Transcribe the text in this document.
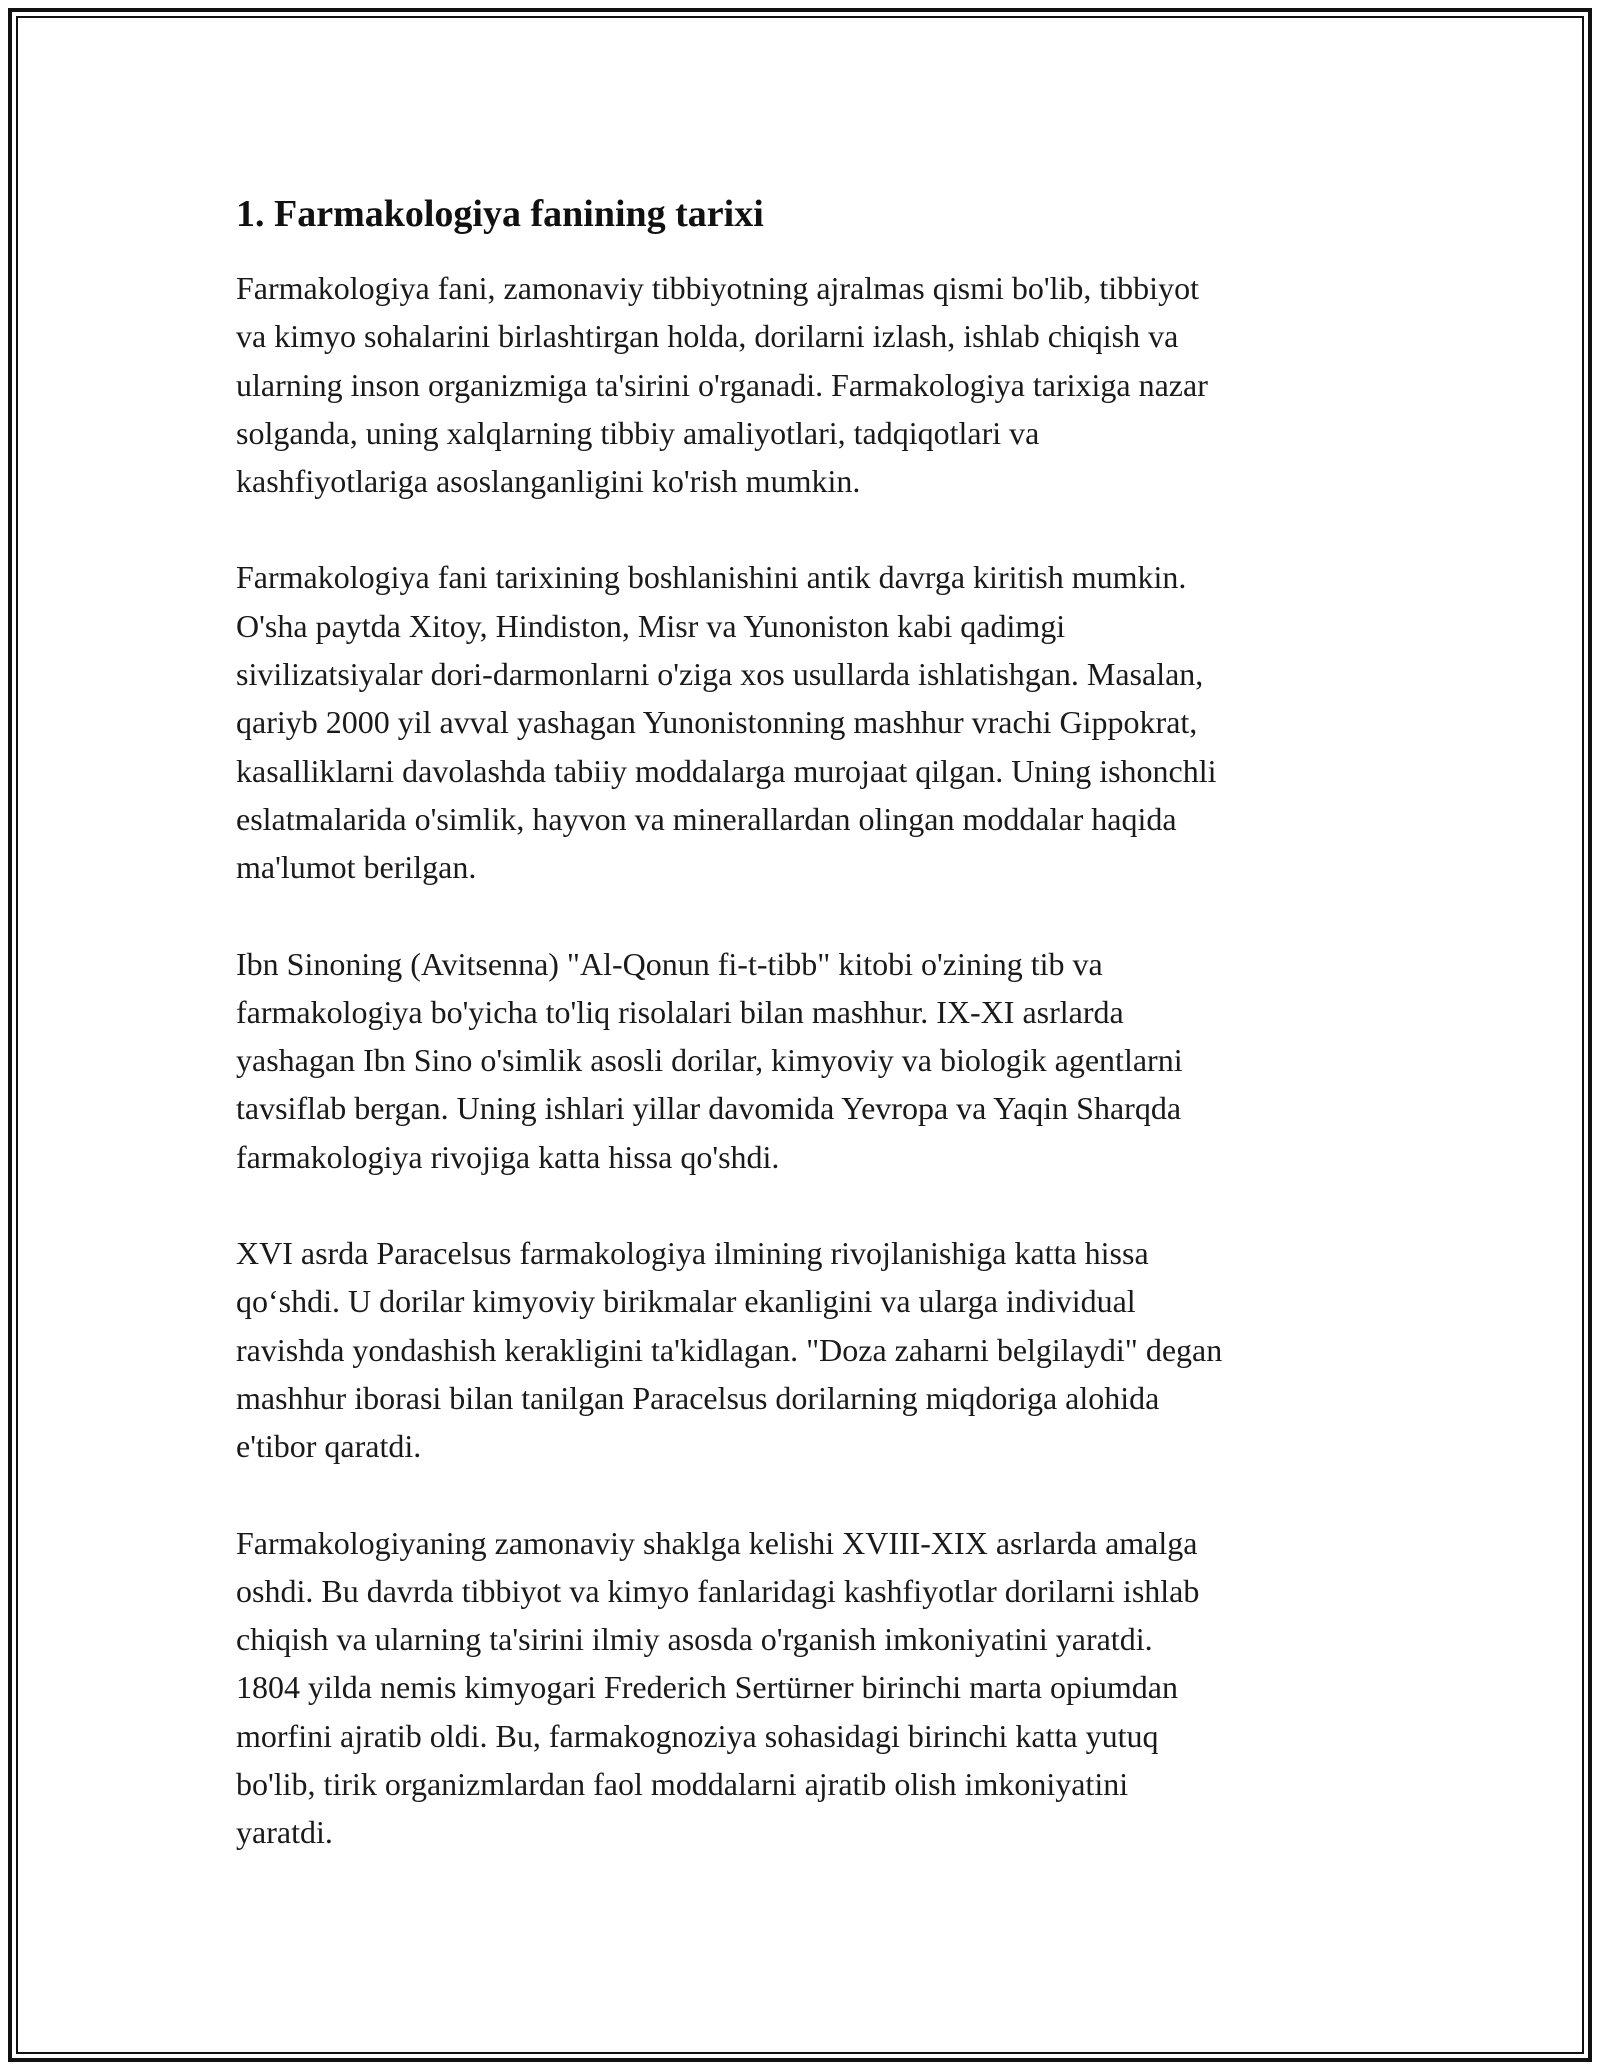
1. Farmakologiya fanining tarixi

Farmakologiya fani, zamonaviy tibbiyotning ajralmas qismi bo'lib, tibbiyot
va kimyo sohalarini birlashtirgan holda, dorilarni izlash, ishlab chiqish va
ularning inson organizmiga ta'sirini o'rganadi. Farmakologiya tarixiga nazar
solganda, uning xalqlarning tibbiy amaliyotlari, tadqiqotlari va
kashfiyotlariga asoslanganligini ko'rish mumkin.

Farmakologiya fani tarixining boshlanishini antik davrga kiritish mumkin.
O'sha paytda Xitoy, Hindiston, Misr va Yunoniston kabi qadimgi
sivilizatsiyalar dori-darmonlarni o'ziga xos usullarda ishlatishgan. Masalan,
qariyb 2000 yil avval yashagan Yunonistonning mashhur vrachi Gippokrat,
kasalliklarni davolashda tabiiy moddalarga murojaat qilgan. Uning ishonchli
eslatmalarida o'simlik, hayvon va minerallardan olingan moddalar haqida
ma'lumot berilgan.

Ibn Sinoning (Avitsenna) "Al-Qonun fi-t-tibb" kitobi o'zining tib va
farmakologiya bo'yicha to'liq risolalari bilan mashhur. IX-XI asrlarda
yashagan Ibn Sino o'simlik asosli dorilar, kimyoviy va biologik agentlarni
tavsiflab bergan. Uning ishlari yillar davomida Yevropa va Yaqin Sharqda
farmakologiya rivojiga katta hissa qo'shdi.

XVI asrda Paracelsus farmakologiya ilmining rivojlanishiga katta hissa
qoʻshdi. U dorilar kimyoviy birikmalar ekanligini va ularga individual
ravishda yondashish kerakligini ta'kidlagan. "Doza zaharni belgilaydi" degan
mashhur iborasi bilan tanilgan Paracelsus dorilarning miqdoriga alohida
e'tibor qaratdi.

Farmakologiyaning zamonaviy shaklga kelishi XVIII-XIX asrlarda amalga
oshdi. Bu davrda tibbiyot va kimyo fanlaridagi kashfiyotlar dorilarni ishlab
chiqish va ularning ta'sirini ilmiy asosda o'rganish imkoniyatini yaratdi.
1804 yilda nemis kimyogari Frederich Sertürner birinchi marta opiumdan
morfini ajratib oldi. Bu, farmakognoziya sohasidagi birinchi katta yutuq
bo'lib, tirik organizmlardan faol moddalarni ajratib olish imkoniyatini
yaratdi.
